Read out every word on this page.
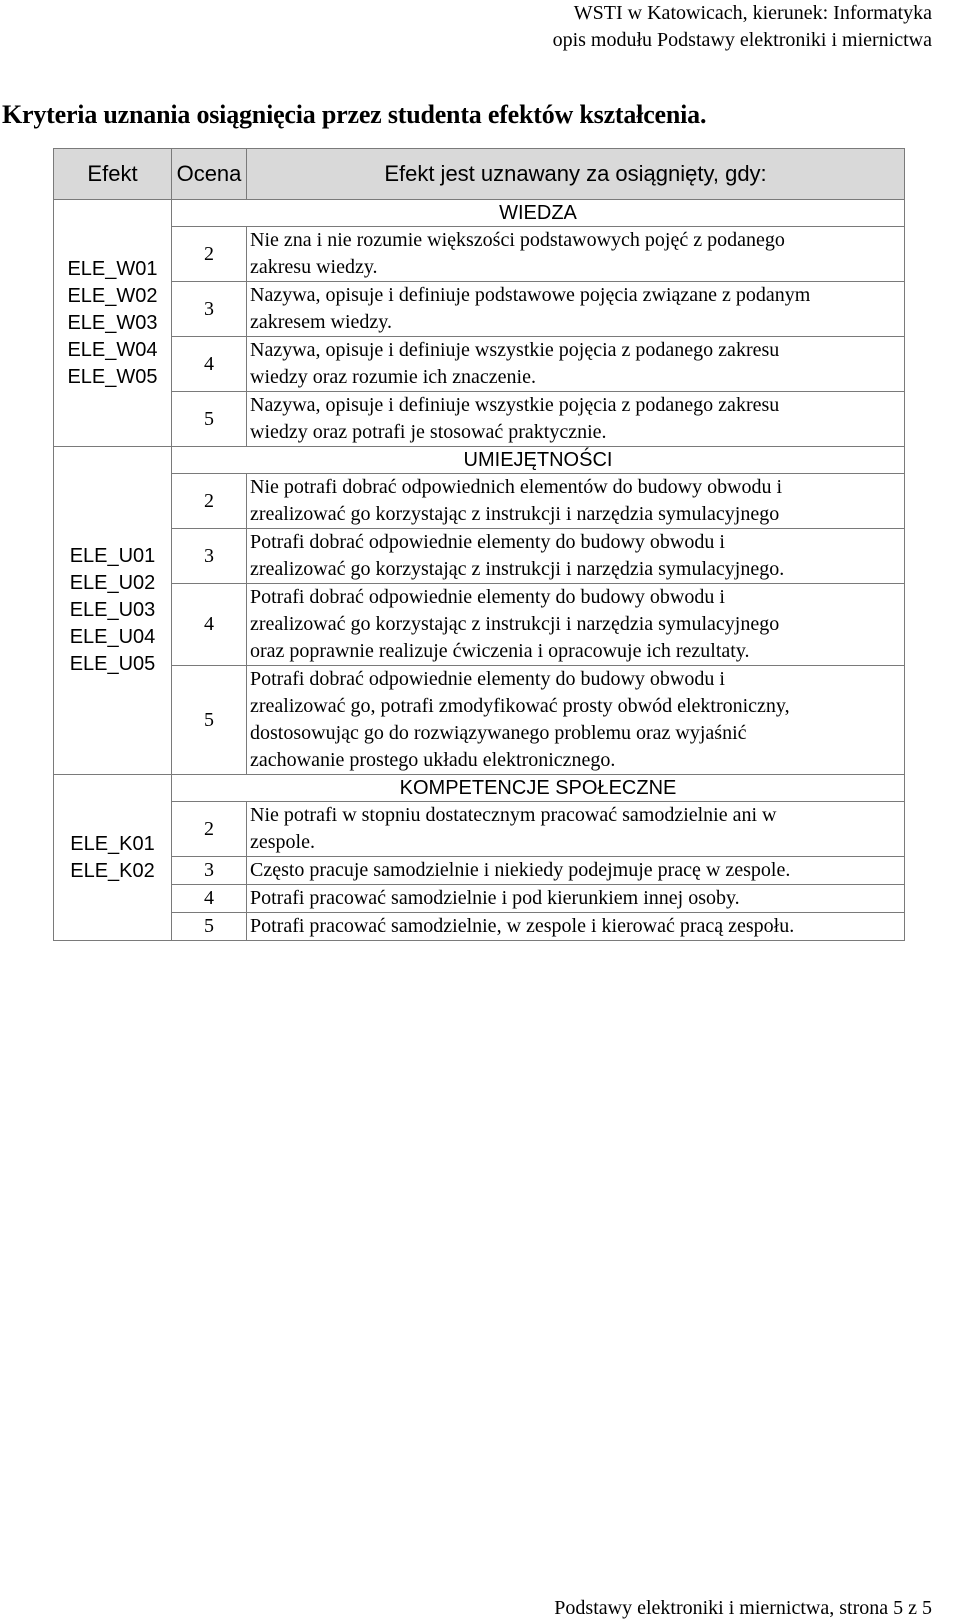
WSTI w Katowicach, kierunek: Informatyka
opis modułu Podstawy elektroniki i miernictwa
Kryteria uznania osiągnięcia przez studenta efektów kształcenia.
Efekt	Ocena	Efekt jest uznawany za osiągnięty, gdy:

ELE_W01
ELE_W02
ELE_W03
ELE_W04
ELE_W05	WIEDZA	
	2	Nie zna i nie rozumie większości podstawowych pojęć z podanego
zakresu wiedzy.

	3	Nazywa, opisuje i definiuje podstawowe pojęcia związane z podanym
zakresem wiedzy.

	4	Nazywa, opisuje i definiuje wszystkie pojęcia z podanego zakresu
wiedzy oraz rozumie ich znaczenie.

	5	Nazywa, opisuje i definiuje wszystkie pojęcia z podanego zakresu
wiedzy oraz potrafi je stosować praktycznie.

ELE_U01
ELE_U02
ELE_U03
ELE_U04
ELE_U05	UMIEJĘTNOŚCI	
	2	Nie potrafi dobrać odpowiednich elementów do budowy obwodu i
zrealizować go korzystając z instrukcji i narzędzia symulacyjnego

	3	Potrafi dobrać odpowiednie elementy do budowy obwodu i
zrealizować go korzystając z instrukcji i narzędzia symulacyjnego.

	4	Potrafi dobrać odpowiednie elementy do budowy obwodu i
zrealizować go korzystając z instrukcji i narzędzia symulacyjnego
oraz poprawnie realizuje ćwiczenia i opracowuje ich rezultaty.

	5	Potrafi dobrać odpowiednie elementy do budowy obwodu i
zrealizować go, potrafi zmodyfikować prosty obwód elektroniczny,
dostosowując go do rozwiązywanego problemu oraz wyjaśnić
zachowanie prostego układu elektronicznego.

ELE_K01
ELE_K02	KOMPETENCJE SPOŁECZNE	
	2	Nie potrafi w stopniu dostatecznym pracować samodzielnie ani w
zespole.

	3	Często pracuje samodzielnie i niekiedy podejmuje pracę w zespole.

	4	Potrafi pracować samodzielnie i pod kierunkiem innej osoby.

	5	Potrafi pracować samodzielnie, w zespole i kierować pracą zespołu.
Podstawy elektroniki i miernictwa, strona 5 z 5
